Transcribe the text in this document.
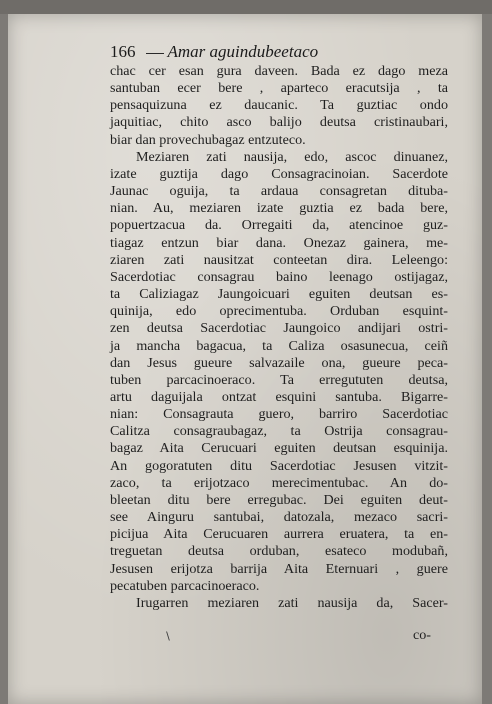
166 Amar aguindubeetaco
chac cer esan gura daveen. Bada ez dago meza
santuban ecer bere , aparteco eracutsija , ta
pensaquizuna ez daucanic. Ta guztiac ondo
jaquitiac, chito asco balijo deutsa cristinaubari,
biar dan provechubagaz entzuteco.
Meziaren zati nausija, edo, ascoc dinuanez,
izate guztija dago Consagracinoian. Sacerdote
Jaunac oguija, ta ardaua consagretan dituba-
nian. Au, meziaren izate guztia ez bada bere,
popuertzacua da. Orregaiti da, atencinoe guz-
tiagaz entzun biar dana. Onezaz gainera, me-
ziaren zati nausitzat conteetan dira. Leleengo:
Sacerdotiac consagrau baino leenago ostijagaz,
ta Caliziagaz Jaungoicuari eguiten deutsan es-
quinija, edo oprecimentuba. Orduban esquint-
zen deutsa Sacerdotiac Jaungoico andijari ostri-
ja mancha bagacua, ta Caliza osasunecua, ceiñ
dan Jesus gueure salvazaile ona, gueure peca-
tuben parcacinoeraco. Ta erregututen deutsa,
artu daguijala ontzat esquini santuba. Bigarre-
nian: Consagrauta guero, barriro Sacerdotiac
Calitza consagraubagaz, ta Ostrija consagrau-
bagaz Aita Cerucuari eguiten deutsan esquinija.
An gogoratuten ditu Sacerdotiac Jesusen vitzit-
zaco, ta erijotzaco merecimentubac. An do-
bleetan ditu bere erregubac. Dei eguiten deut-
see Ainguru santubai, datozala, mezaco sacri-
picijua Aita Cerucuaren aurrera eruatera, ta en-
treguetan deutsa orduban, esateco modubañ,
Jesusen erijotza barrija Aita Eternuari , guere
pecatuben parcacinoeraco.
Irugarren meziaren zati nausija da, Sacer-
co-
∖
